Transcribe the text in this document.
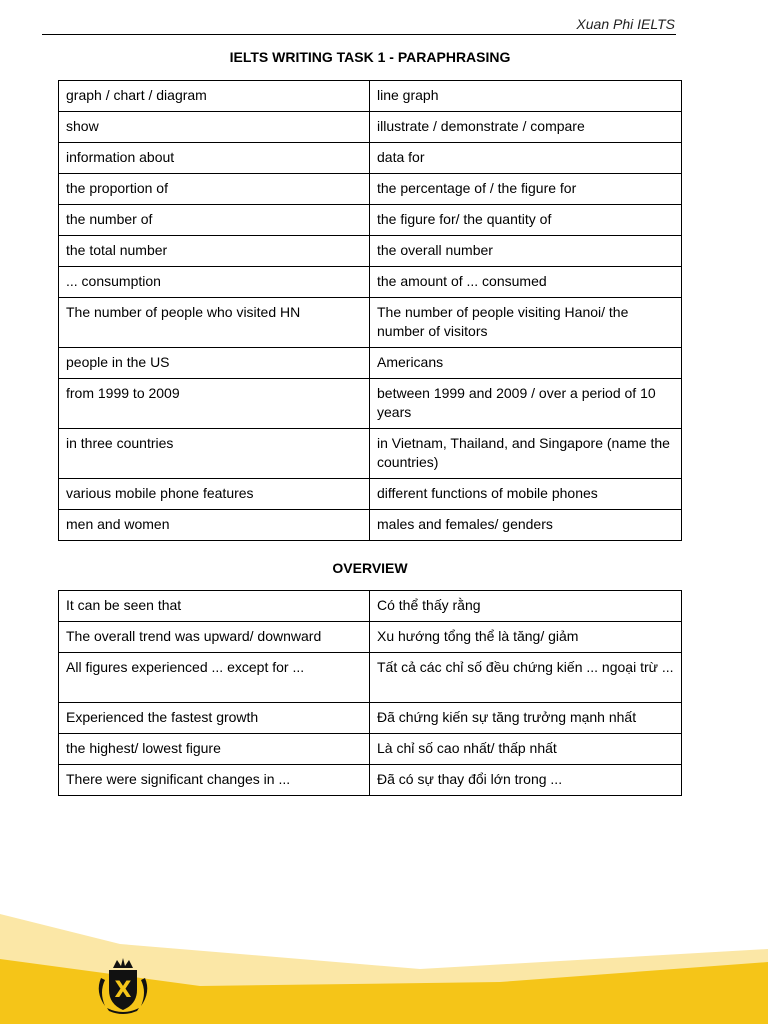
Xuan Phi IELTS
IELTS WRITING TASK 1 - PARAPHRASING
graph / chart / diagram	line graph
show	illustrate / demonstrate / compare
information about	data for
the proportion of	the percentage of / the figure for
the number of	the figure for/ the quantity of
the total number	the overall number
... consumption	the amount of ... consumed
The number of people who visited HN	The number of people visiting Hanoi/ the number of visitors
people in the US	Americans
from 1999 to 2009	between 1999 and 2009 / over a period of 10 years
in three countries	in Vietnam, Thailand, and Singapore (name the countries)
various mobile phone features	different functions of mobile phones
men and women	males and females/ genders
OVERVIEW
It can be seen that	Có thể thấy rằng
The overall trend was upward/ downward	Xu hướng tổng thể là tăng/ giảm
All figures experienced ... except for ...	Tất cả các chỉ số đều chứng kiến ... ngoại trừ ...
Experienced the fastest growth	Đã chứng kiến sự tăng trưởng mạnh nhất
the highest/ lowest figure	Là chỉ số cao nhất/ thấp nhất
There were significant changes in ...	Đã có sự thay đổi lớn trong ...
X
